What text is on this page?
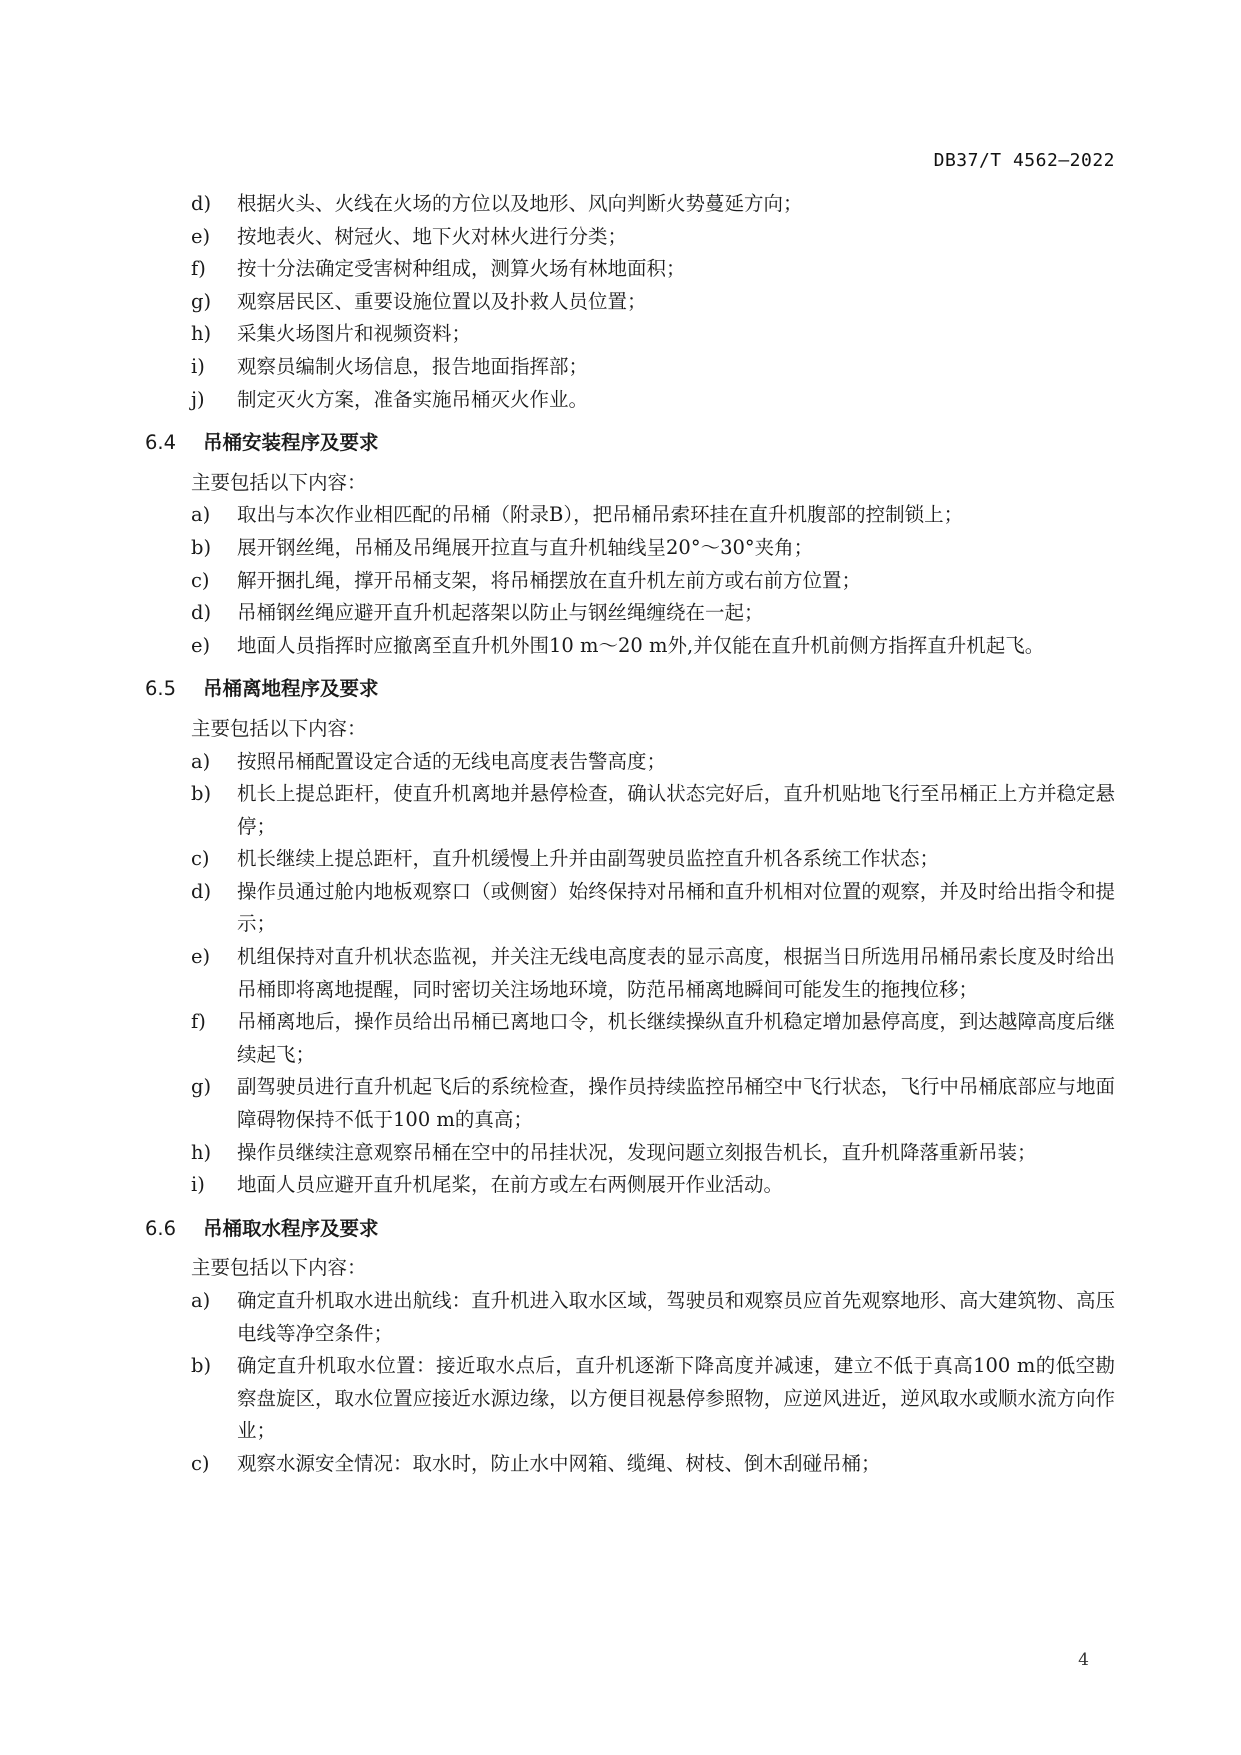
DB37/T 4562—2022
d)	根据火头、火线在火场的方位以及地形、风向判断火势蔓延方向；
e)	按地表火、树冠火、地下火对林火进行分类；
f)	按十分法确定受害树种组成，测算火场有林地面积；
g)	观察居民区、重要设施位置以及扑救人员位置；
h)	采集火场图片和视频资料；
i)	观察员编制火场信息，报告地面指挥部；
j)	制定灭火方案，准备实施吊桶灭火作业。
6.4	吊桶安装程序及要求
主要包括以下内容：
a)	取出与本次作业相匹配的吊桶（附录B），把吊桶吊索环挂在直升机腹部的控制锁上；
b)	展开钢丝绳，吊桶及吊绳展开拉直与直升机轴线呈20°～30°夹角；
c)	解开捆扎绳，撑开吊桶支架，将吊桶摆放在直升机左前方或右前方位置；
d)	吊桶钢丝绳应避开直升机起落架以防止与钢丝绳缠绕在一起；
e)	地面人员指挥时应撤离至直升机外围10 m～20 m外,并仅能在直升机前侧方指挥直升机起飞。
6.5	吊桶离地程序及要求
主要包括以下内容：
a)	按照吊桶配置设定合适的无线电高度表告警高度；
b)	机长上提总距杆，使直升机离地并悬停检查，确认状态完好后，直升机贴地飞行至吊桶正上方并稳定悬停；
c)	机长继续上提总距杆，直升机缓慢上升并由副驾驶员监控直升机各系统工作状态；
d)	操作员通过舱内地板观察口（或侧窗）始终保持对吊桶和直升机相对位置的观察，并及时给出指令和提示；
e)	机组保持对直升机状态监视，并关注无线电高度表的显示高度，根据当日所选用吊桶吊索长度及时给出吊桶即将离地提醒，同时密切关注场地环境，防范吊桶离地瞬间可能发生的拖拽位移；
f)	吊桶离地后，操作员给出吊桶已离地口令，机长继续操纵直升机稳定增加悬停高度，到达越障高度后继续起飞；
g)	副驾驶员进行直升机起飞后的系统检查，操作员持续监控吊桶空中飞行状态，飞行中吊桶底部应与地面障碍物保持不低于100 m的真高；
h)	操作员继续注意观察吊桶在空中的吊挂状况，发现问题立刻报告机长，直升机降落重新吊装；
i)	地面人员应避开直升机尾桨，在前方或左右两侧展开作业活动。
6.6	吊桶取水程序及要求
主要包括以下内容：
a)	确定直升机取水进出航线：直升机进入取水区域，驾驶员和观察员应首先观察地形、高大建筑物、高压电线等净空条件；
b)	确定直升机取水位置：接近取水点后，直升机逐渐下降高度并减速，建立不低于真高100 m的低空勘察盘旋区，取水位置应接近水源边缘，以方便目视悬停参照物，应逆风进近，逆风取水或顺水流方向作业；
c)	观察水源安全情况：取水时，防止水中网箱、缆绳、树枝、倒木刮碰吊桶；
4
